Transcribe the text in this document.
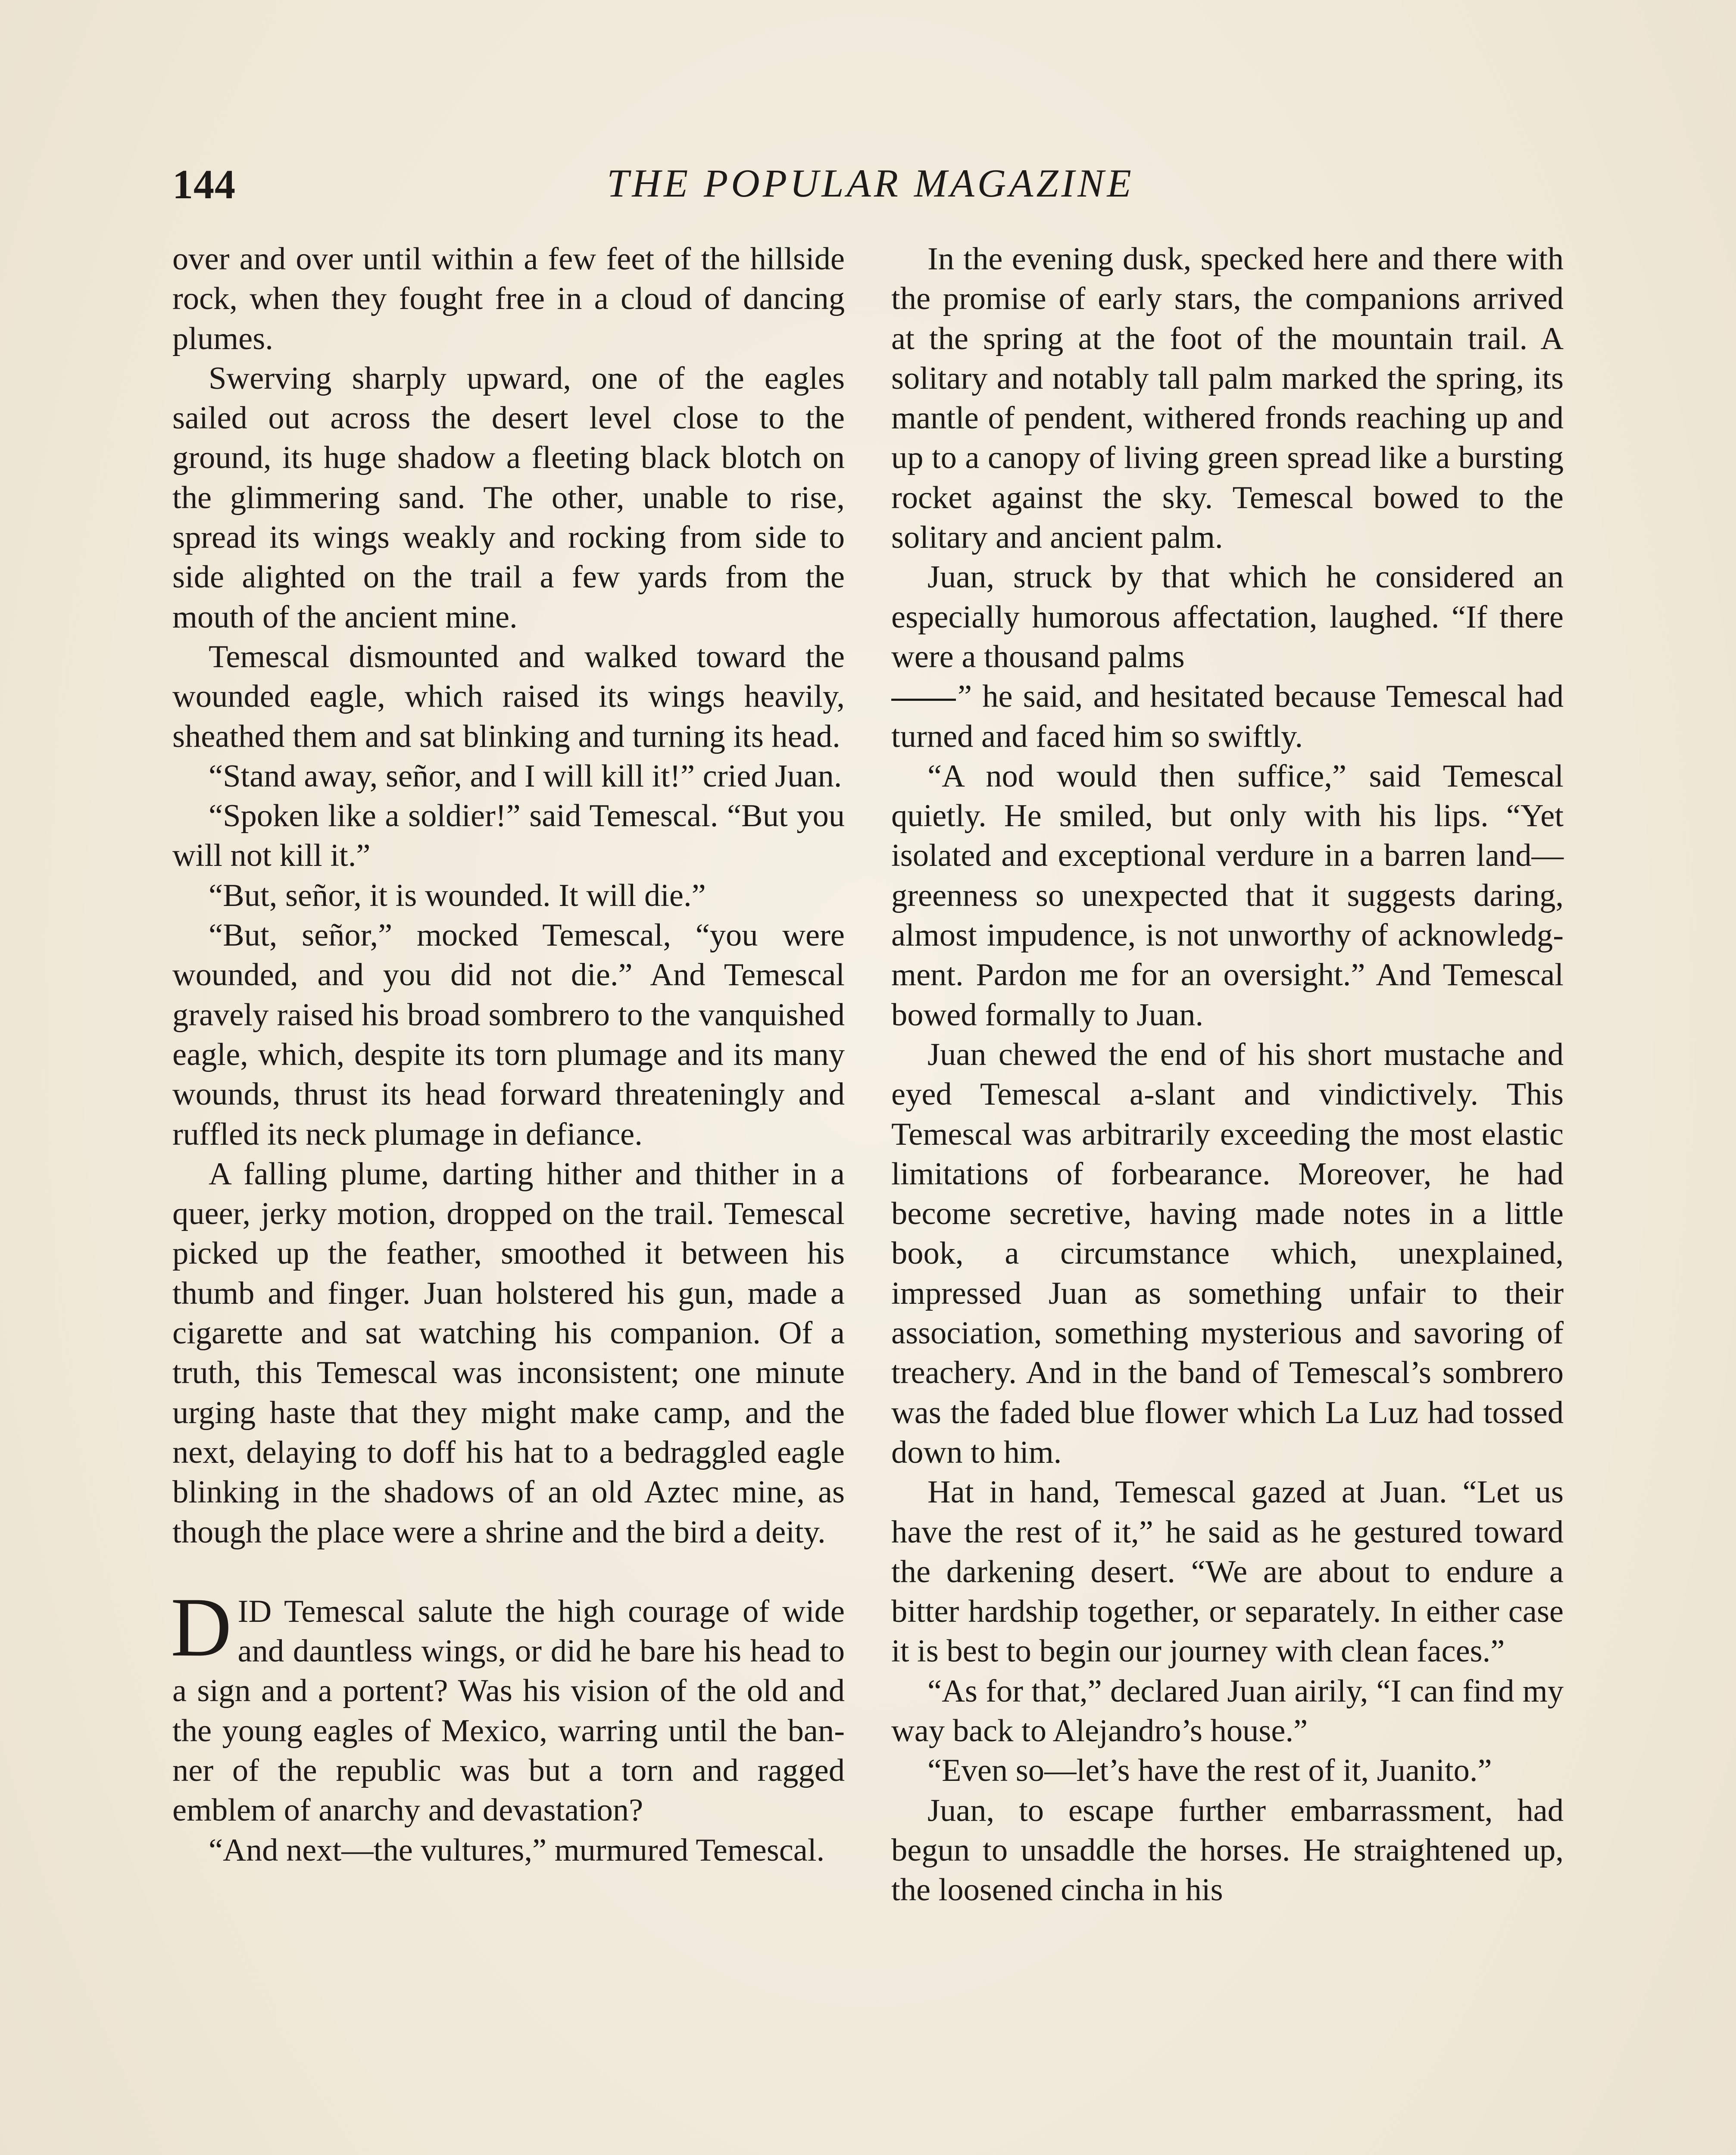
144	THE POPULAR MAGAZINE

over and over until within a few feet of the hillside rock, when they fought free in a cloud of dancing plumes.

Swerving sharply upward, one of the eagles sailed out across the desert level close to the ground, its huge shadow a fleeting black blotch on the glimmering sand. The other, unable to rise, spread its wings weakly and rocking from side to side alighted on the trail a few yards from the mouth of the ancient mine.

Temescal dismounted and walked toward the wounded eagle, which raised its wings heavily, sheathed them and sat blinking and turning its head.

“Stand away, señor, and I will kill it!” cried Juan.

“Spoken like a soldier!” said Temescal. “But you will not kill it.”

“But, señor, it is wounded. It will die.”

“But, señor,” mocked Temescal, “you were wounded, and you did not die.” And Temescal gravely raised his broad sombrero to the vanquished eagle, which, despite its torn plumage and its many wounds, thrust its head forward threateningly and ruffled its neck plumage in defiance.

A falling plume, darting hither and thither in a queer, jerky motion, dropped on the trail. Temescal picked up the feather, smoothed it between his thumb and finger. Juan holstered his gun, made a cigarette and sat watching his companion. Of a truth, this Temescal was inconsistent; one minute urging haste that they might make camp, and the next, delaying to doff his hat to a bedraggled eagle blinking in the shadows of an old Aztec mine, as though the place were a shrine and the bird a deity.

DID Temescal salute the high courage of wide and dauntless wings, or did he bare his head to a sign and a portent? Was his vision of the old and the young eagles of Mexico, warring until the banner of the republic was but a torn and ragged emblem of anarchy and devastation?

“And next—the vultures,” murmured Temescal.

In the evening dusk, specked here and there with the promise of early stars, the companions arrived at the spring at the foot of the mountain trail. A solitary and notably tall palm marked the spring, its mantle of pendent, withered fronds reaching up and up to a canopy of living green spread like a bursting rocket against the sky. Temescal bowed to the solitary and ancient palm.

Juan, struck by that which he considered an especially humorous affectation, laughed. “If there were a thousand palms

” he said, and hesitated because Temescal had turned and faced him so swiftly.

“A nod would then suffice,” said Temescal quietly. He smiled, but only with his lips. “Yet isolated and exceptional verdure in a barren land—greenness so unexpected that it suggests daring, almost impudence, is not unworthy of acknowledgment. Pardon me for an oversight.” And Temescal bowed formally to Juan.

Juan chewed the end of his short mustache and eyed Temescal a-slant and vindictively. This Temescal was arbitrarily exceeding the most elastic limitations of forbearance. Moreover, he had become secretive, having made notes in a little book, a circumstance which, unexplained, impressed Juan as something unfair to their association, something mysterious and savoring of treachery. And in the band of Temescal’s sombrero was the faded blue flower which La Luz had tossed down to him.

Hat in hand, Temescal gazed at Juan. “Let us have the rest of it,” he said as he gestured toward the darkening desert. “We are about to endure a bitter hardship together, or separately. In either case it is best to begin our journey with clean faces.”

“As for that,” declared Juan airily, “I can find my way back to Alejandro’s house.”

“Even so—let’s have the rest of it, Juanito.”

Juan, to escape further embarrassment, had begun to unsaddle the horses. He straightened up, the loosened cincha in his
